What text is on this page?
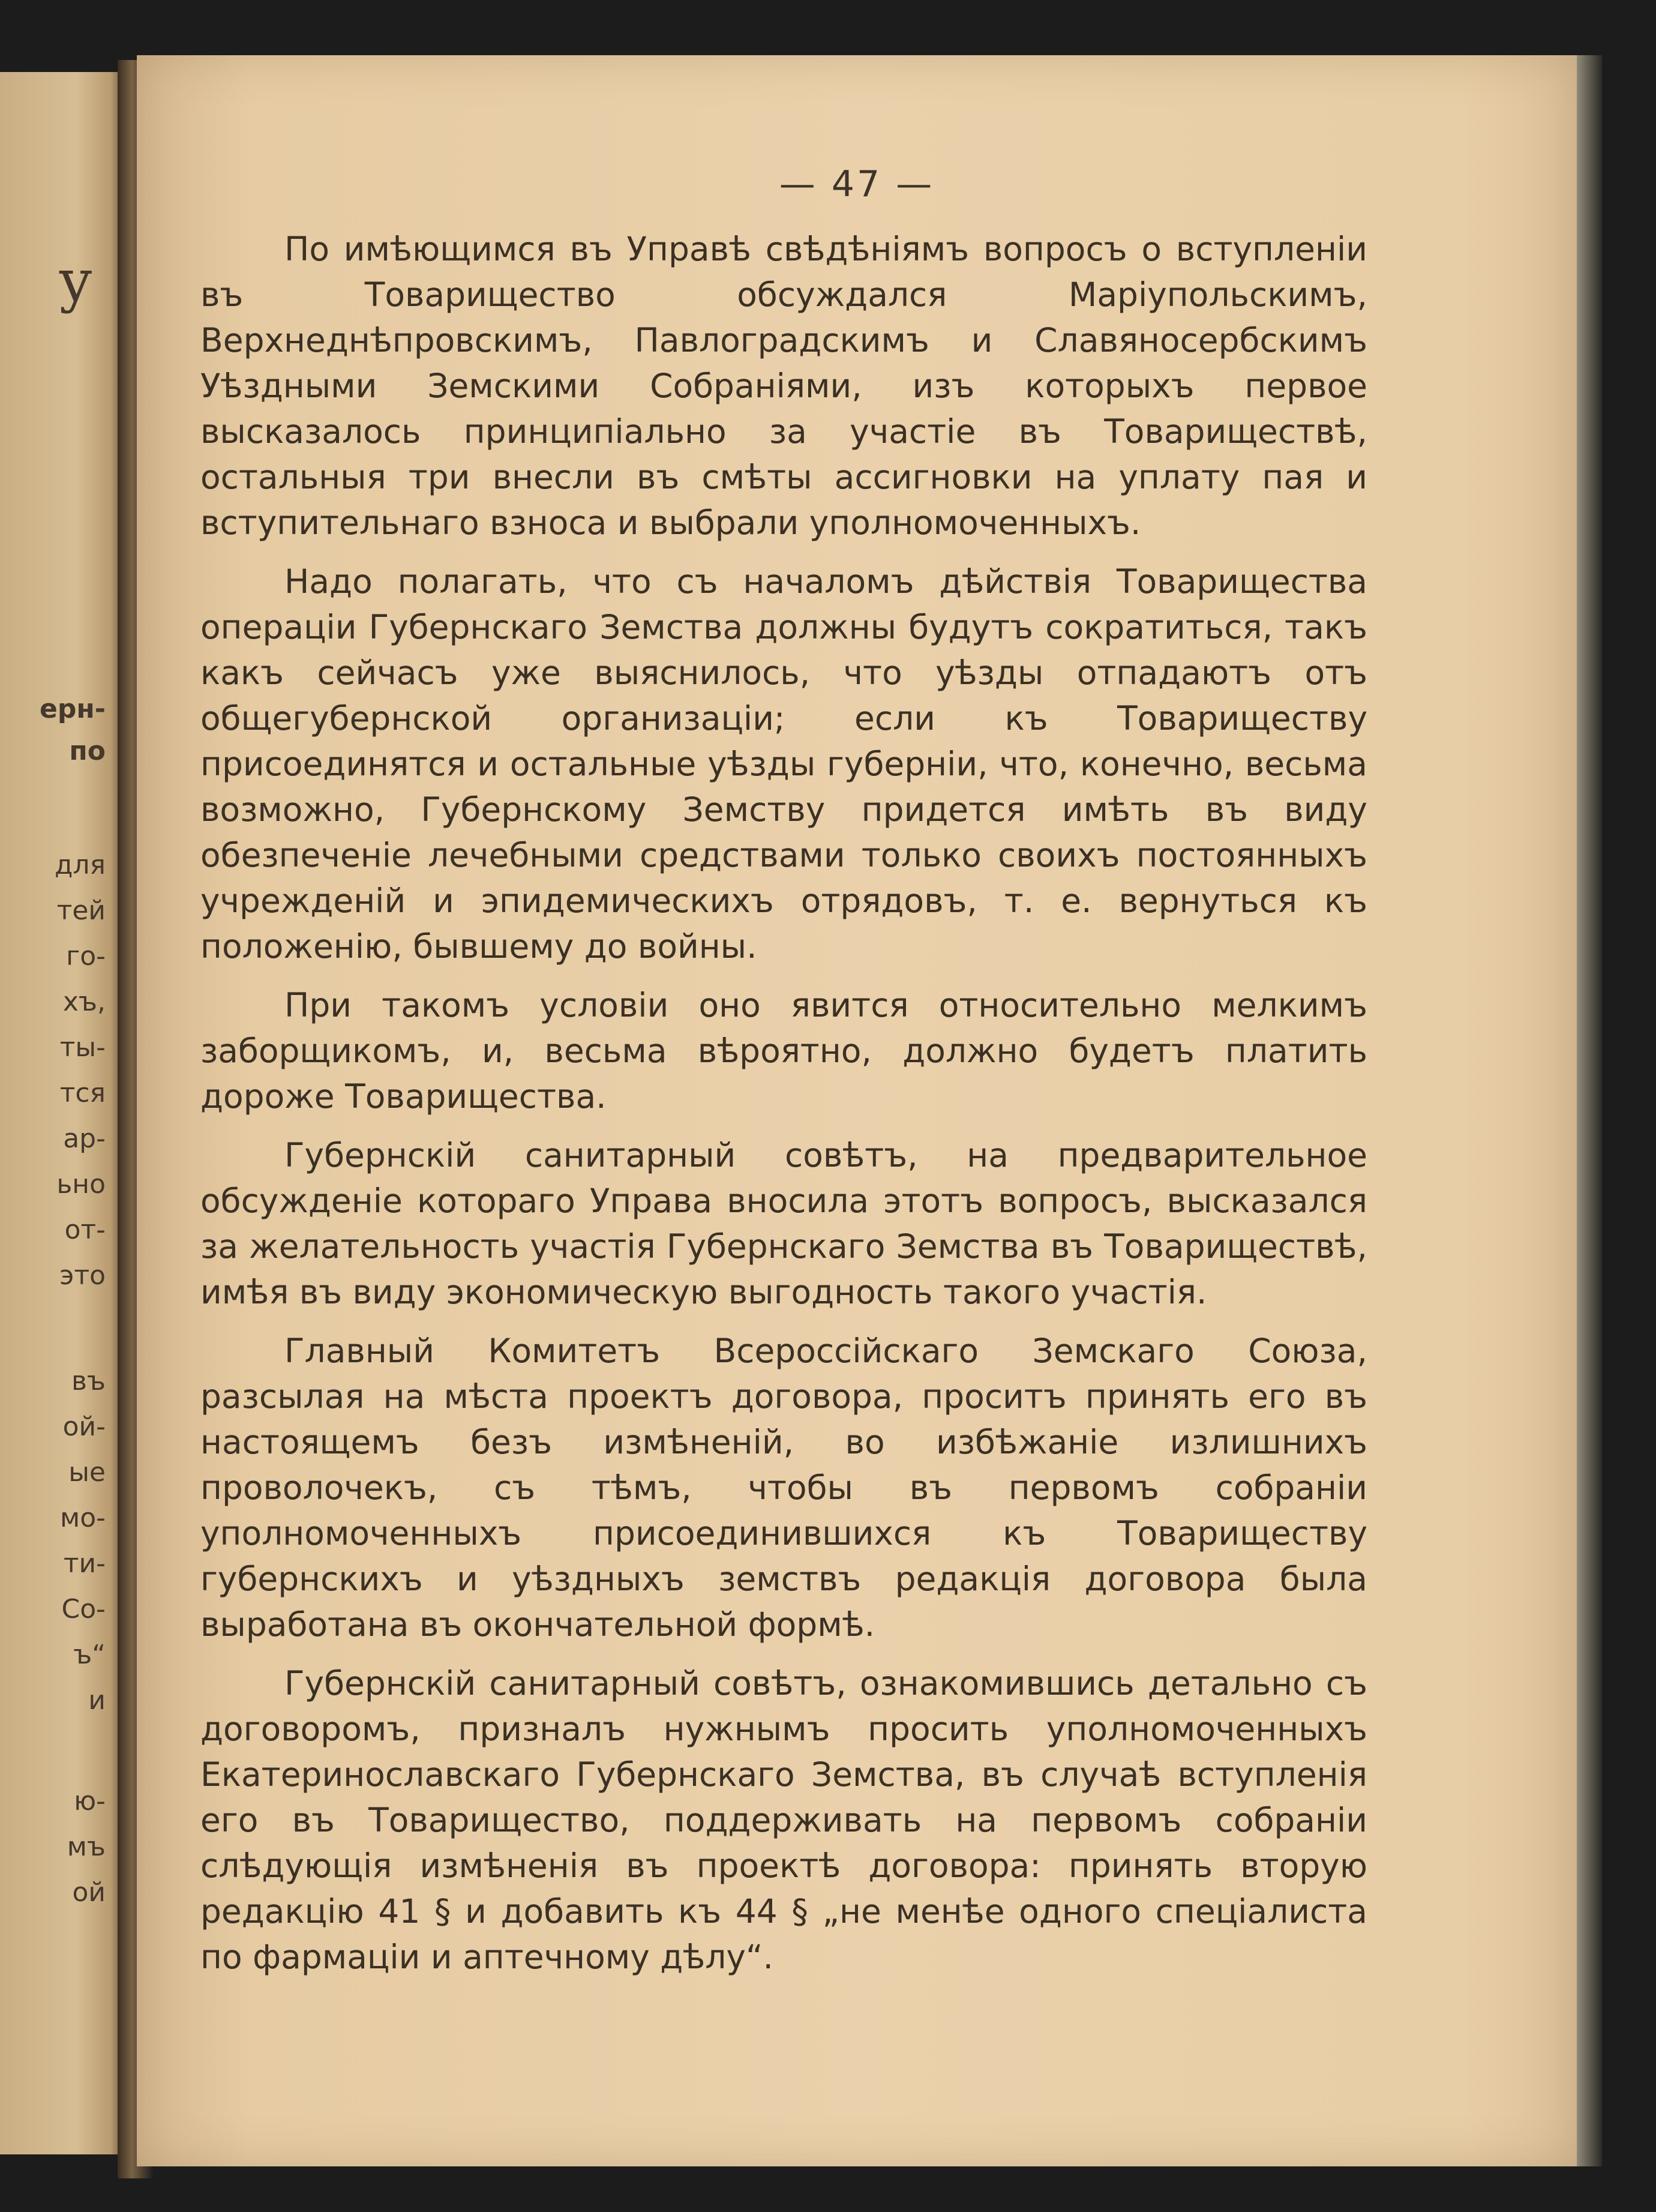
у

ерн-

по

для

тей

го-

хъ,

ты-

тся

ар-

ьно

от-

это

въ

ой-

ые

мо-

ти-

Со-

ъ“

и

ю-

мъ

ой

— 47 —

По имѣющимся въ Управѣ свѣдѣніямъ вопросъ о вступленіи въ Товарищество обсуждался Маріупольскимъ, Верхнеднѣпровскимъ, Павлоградскимъ и Славяносербскимъ Уѣздными Земскими Собраніями, изъ которыхъ первое высказалось принципіально за участіе въ Товариществѣ, остальныя три внесли въ смѣты ассигновки на уплату пая и вступительнаго взноса и выбрали уполномоченныхъ.

Надо полагать, что съ началомъ дѣйствія Товарищества операціи Губернскаго Земства должны будутъ сократиться, такъ какъ сейчасъ уже выяснилось, что уѣзды отпадаютъ отъ общегубернской организаціи; если къ Товариществу присоединятся и остальные уѣзды губерніи, что, конечно, весьма возможно, Губернскому Земству придется имѣть въ виду обезпеченіе лечебными средствами только своихъ постоянныхъ учрежденій и эпидемическихъ отрядовъ, т. е. вернуться къ положенію, бывшему до войны.

При такомъ условіи оно явится относительно мелкимъ заборщикомъ, и, весьма вѣроятно, должно будетъ платить дороже Товарищества.

Губернскій санитарный совѣтъ, на предварительное обсужденіе котораго Управа вносила этотъ вопросъ, высказался за желательность участія Губернскаго Земства въ Товариществѣ, имѣя въ виду экономическую выгодность такого участія.

Главный Комитетъ Всероссійскаго Земскаго Союза, разсылая на мѣста проектъ договора, проситъ принять его въ настоящемъ безъ измѣненій, во избѣжаніе излишнихъ проволочекъ, съ тѣмъ, чтобы въ первомъ собраніи уполномоченныхъ присоединившихся къ Товариществу губернскихъ и уѣздныхъ земствъ редакція договора была выработана въ окончательной формѣ.

Губернскій санитарный совѣтъ, ознакомившись детально съ договоромъ, призналъ нужнымъ просить уполномоченныхъ Екатеринославскаго Губернскаго Земства, въ случаѣ вступленія его въ Товарищество, поддерживать на первомъ собраніи слѣдующія измѣненія въ проектѣ договора: принять вторую редакцію 41 § и добавить къ 44 § „не менѣе одного спеціалиста по фармаціи и аптечному дѣлу“.
